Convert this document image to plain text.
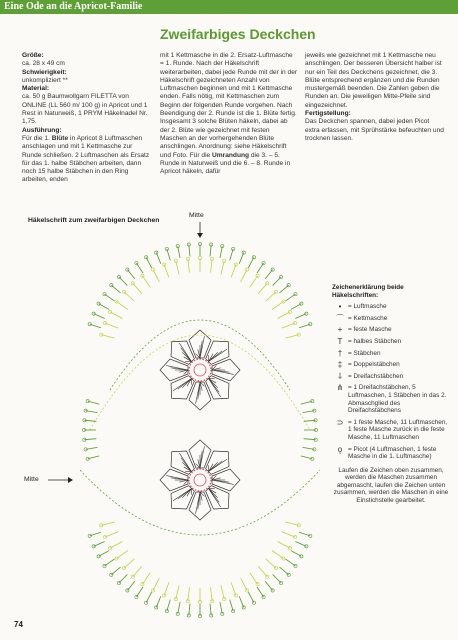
Eine Ode an die Apricot-Familie
Zweifarbiges Deckchen

Größe:

ca. 28 x 49 cm

Schwierigkeit:

unkompliziert **

Material:

ca. 50 g Baumwollgarn FILETTA von ONLINE (LL 560 m/ 100 g) in Apricot und 1 Rest in Naturweiß, 1 PRYM Häkelnadel Nr. 1,75.

Ausführung:

Für die 1. Blüte in Apricot 8 Luftmaschen anschlagen und mit 1 Kettmasche zur Runde schließen. 2 Luftmaschen als Ersatz für das 1. halbe Stäbchen arbeiten, dann noch 15 halbe Stäbchen in den Ring arbeiten, enden

mit 1 Kettmasche in die 2. Ersatz-Luftmasche = 1. Runde. Nach der Häkelschrift weiterarbeiten, dabei jede Runde mit der in der Häkelschrift gezeichneten Anzahl von Luftmaschen beginnen und mit 1 Kettmasche enden. Falls nötig, mit Kettmaschen zum Beginn der folgenden Runde vorgehen. Nach Beendigung der 2. Runde ist die 1. Blüte fertig. Insgesamt 3 solche Blüten häkeln, dabei ab der 2. Blüte wie gezeichnet mit festen Maschen an der vorhergehenden Blüte anschlingen. Anordnung: siehe Häkelschrift und Foto. Für die Umrandung die 3. – 5. Runde in Naturweiß und die 6. – 8. Runde in Apricot häkeln, dafür

jeweils wie gezeichnet mit 1 Kettmasche neu anschlingen. Der besseren Übersicht halber ist nur ein Teil des Deckchens gezeichnet, die 3. Blüte entsprechend ergänzen und die Runden mustergemäß beenden. Die Zahlen geben die Runden an. Die jeweiligen Mitte-Pfeile sind eingezeichnet.

Fertigstellung:

Das Deckchen spannen, dabei jeden Picot extra erfassen, mit Sprühstärke befeuchten und trocknen lassen.

Häkelschrift zum zweifarbigen Deckchen
Mitte
Mitte
Zeichenerklärung beide Häkelschriften:
•	= Luftmasche
⌒ = Kettmasche
+ = feste Masche
T = halbes Stäbchen
† = Stäbchen
‡ = Doppelstäbchen
⸸ = Dreifachstäbchen
⋔ = 1 Dreifachstäbchen, 5 Luftmaschen, 1 Stäbchen in das 2. Abmaschglied des Dreifachstäbchens
⊃ = 1 feste Masche, 11 Luftmaschen, 1 feste Masche zurück in die feste Masche, 11 Luftmaschen
ǫ = Picot (4 Luftmaschen, 1 feste Masche in die 1. Luftmasche)
Laufen die Zeichen oben zusammen, werden die Maschen zusammen abgemascht, laufen die Zeichen unten zusammen, werden die Maschen in eine Einstichstelle gearbeitet.
74
